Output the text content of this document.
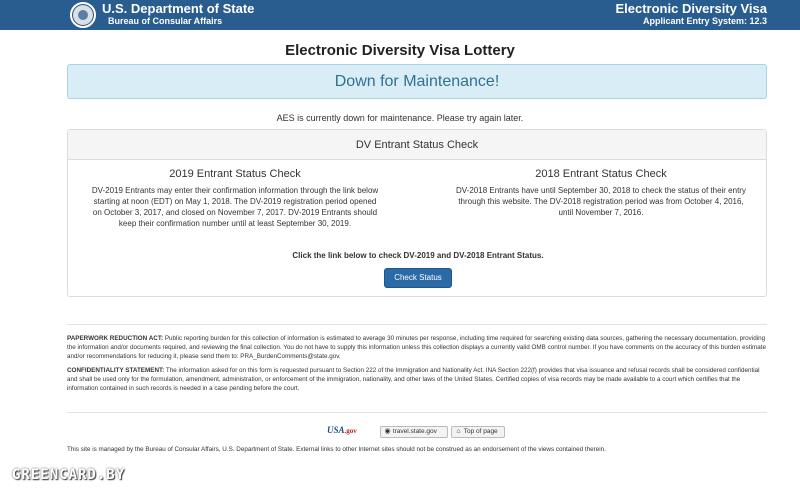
U.S. Department of State
Bureau of Consular Affairs
Electronic Diversity Visa
Applicant Entry System: 12.3
Electronic Diversity Visa Lottery
Down for Maintenance!
AES is currently down for maintenance. Please try again later.
DV Entrant Status Check
2019 Entrant Status Check

DV-2019 Entrants may enter their confirmation information through the link below starting at noon (EDT) on May 1, 2018. The DV-2019 registration period opened on October 3, 2017, and closed on November 7, 2017. DV-2019 Entrants should keep their confirmation number until at least September 30, 2019.

2018 Entrant Status Check

DV-2018 Entrants have until September 30, 2018 to check the status of their entry through this website. The DV-2018 registration period was from October 4, 2016, until November 7, 2016.

Click the link below to check DV-2019 and DV-2018 Entrant Status.
Check Status
PAPERWORK REDUCTION ACT: Public reporting burden for this collection of information is estimated to average 30 minutes per response, including time required for searching existing data sources, gathering the necessary documentation, providing the information and/or documents required, and reviewing the final collection. You do not have to supply this information unless this collection displays a currently valid OMB control number. If you have comments on the accuracy of this burden estimate and/or recommendations for reducing it, please send them to: PRA_BurdenComments@state.gov.
CONFIDENTIALITY STATEMENT: The information asked for on this form is requested pursuant to Section 222 of the Immigration and Nationality Act. INA Section 222(f) provides that visa issuance and refusal records shall be considered confidential and shall be used only for the formulation, amendment, administration, or enforcement of the immigration, nationality, and other laws of the United States. Certified copies of visa records may be made available to a court which certifies that the information contained in such records is needed in a case pending before the court.
USA.gov	◉ travel.state.gov	⌂ Top of page
This site is managed by the Bureau of Consular Affairs, U.S. Department of State. External links to other Internet sites should not be construed as an endorsement of the views contained therein.
GREENCARD.BY
